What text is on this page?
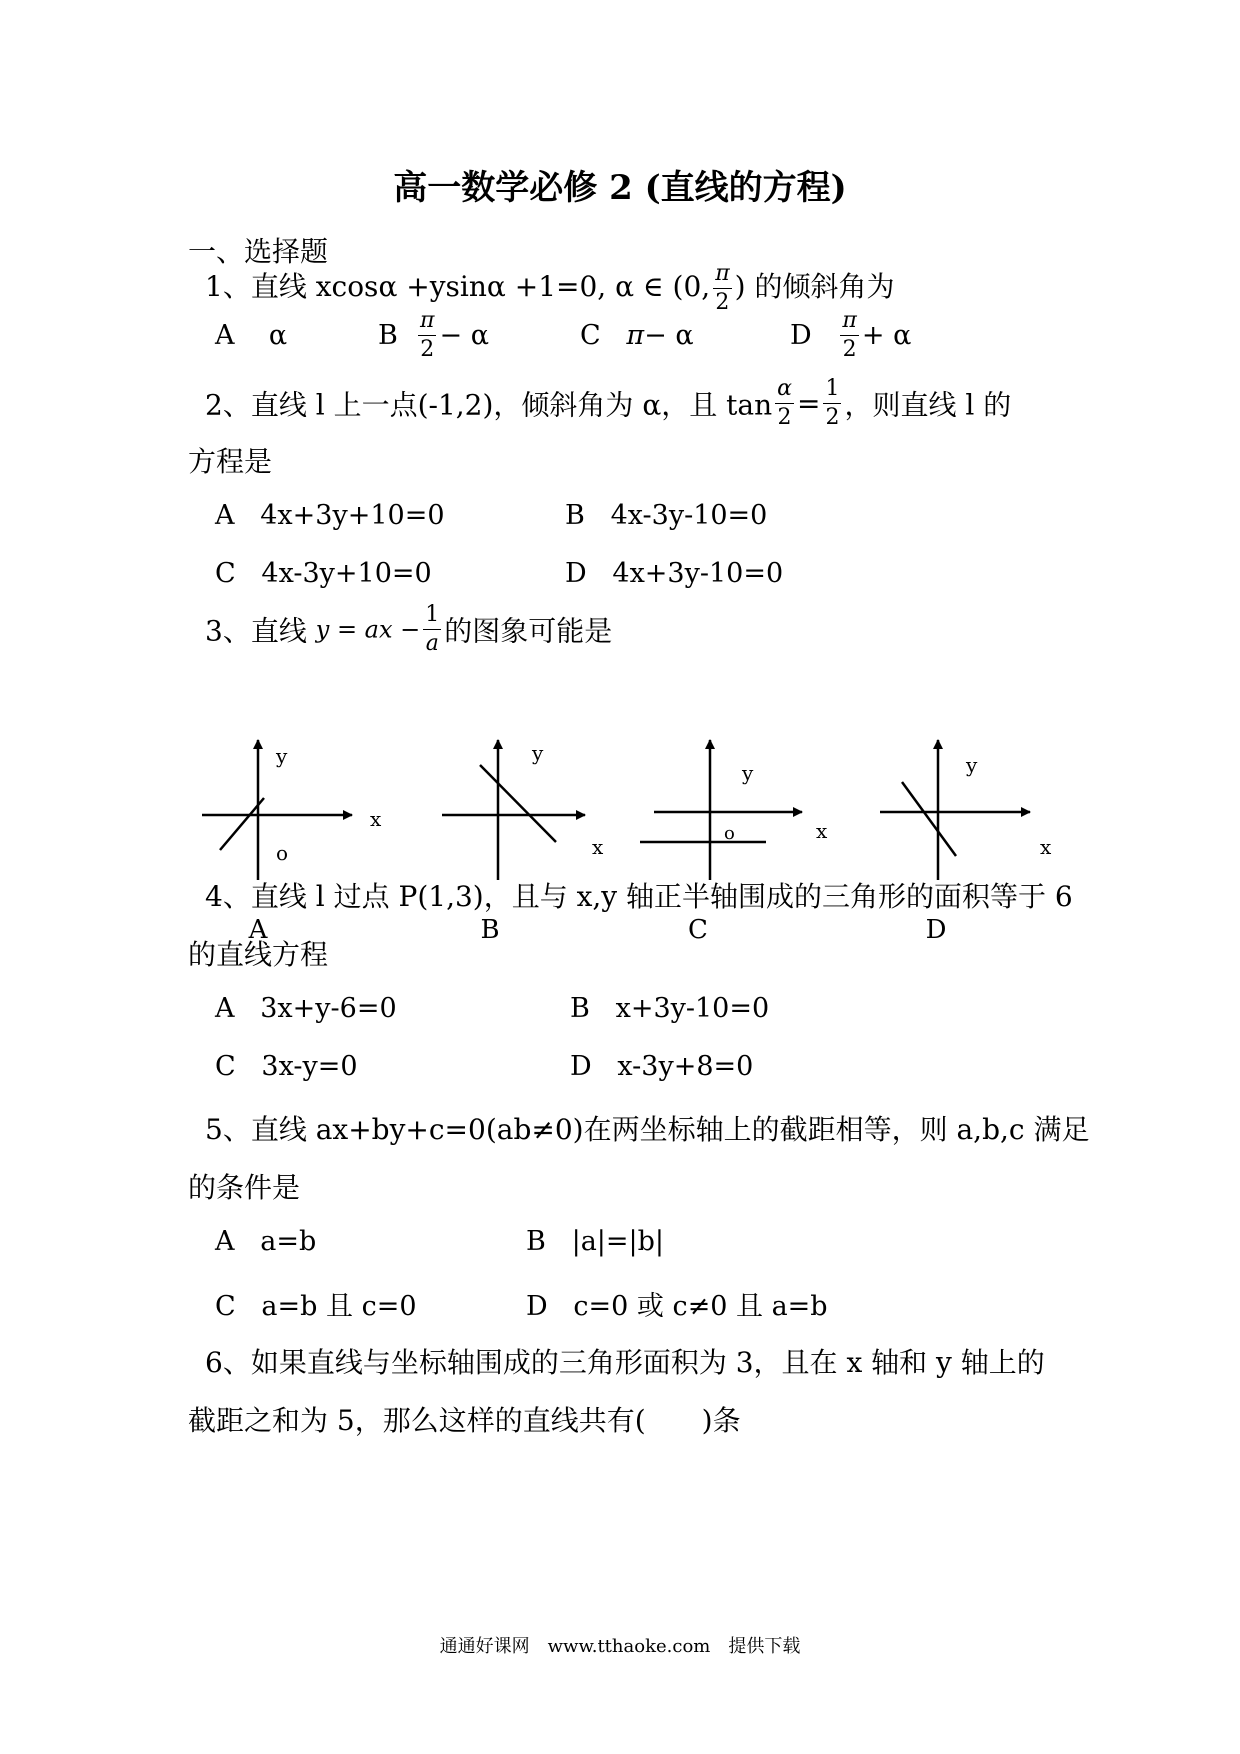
高一数学必修 2 (直线的方程)
一、选择题
1、直线 xcosα +ysinα +1=0, α ∈ (0, $\frac{\pi}{2}$ ) 的倾斜角为
A α	B $\frac{\pi}{2} - \alpha$	C π− α	D $\frac{\pi}{2} + \alpha$
2、直线 l 上一点(-1,2)，倾斜角为 α，且 $\tan \frac{\alpha}{2} = \frac{1}{2}$ ，则直线 l 的
方程是
A 4x+3y+10=0	B 4x-3y-10=0
C 4x-3y+10=0	D 4x+3y-10=0
3、直线 y = ax − $\frac{1}{a}$ 的图象可能是
y
x
o
A
y
x
B
y
x
o
C
y
x
D
4、直线 l 过点 P(1,3)，且与 x,y 轴正半轴围成的三角形的面积等于 6
的直线方程
A 3x+y-6=0	B x+3y-10=0
C 3x-y=0	D x-3y+8=0
5、直线 ax+by+c=0(ab≠0)在两坐标轴上的截距相等，则 a,b,c 满足
的条件是
A a=b	B |a|=|b|
C a=b 且 c=0	D c=0 或 c≠0 且 a=b
6、如果直线与坐标轴围成的三角形面积为 3，且在 x 轴和 y 轴上的
截距之和为 5，那么这样的直线共有(　　)条
通通好课网　www.tthaoke.com　提供下载
